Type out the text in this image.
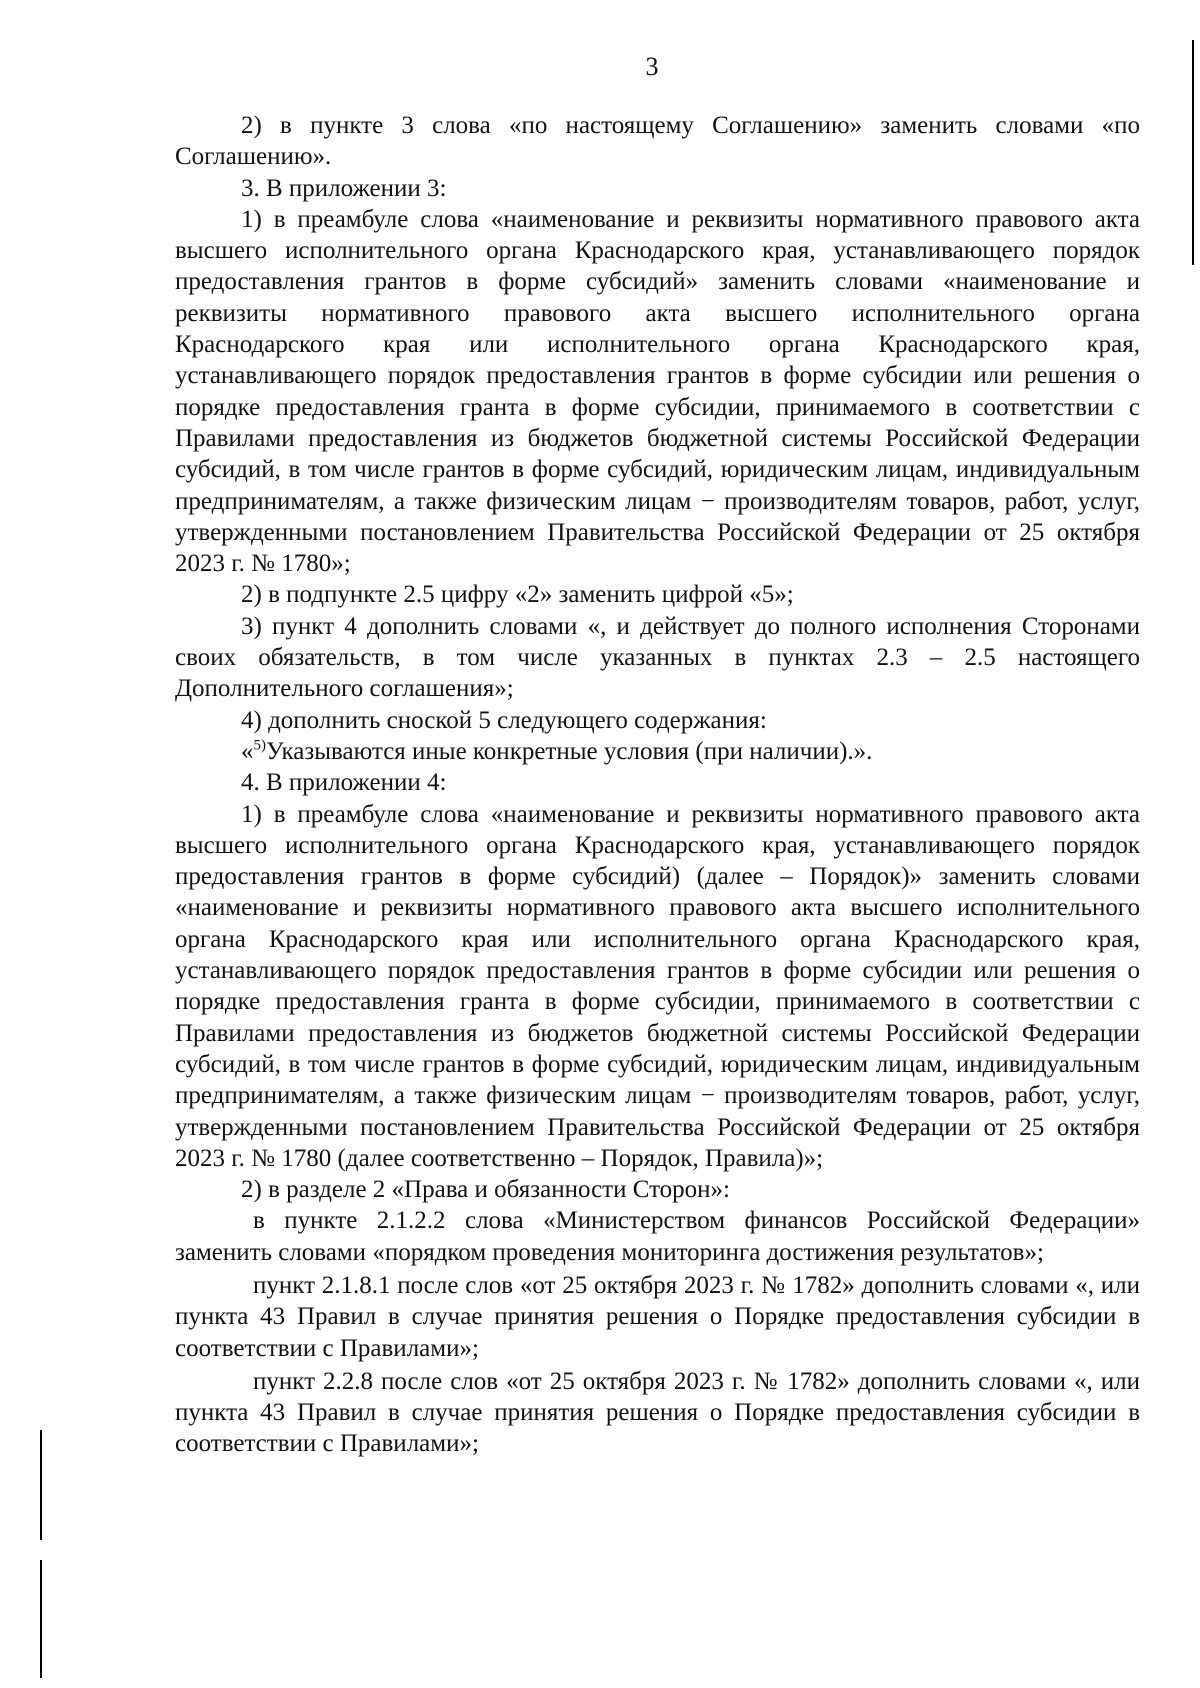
3

2) в пункте 3 слова «по настоящему Соглашению» заменить словами «по Соглашению».

3. В приложении 3:

1) в преамбуле слова «наименование и реквизиты нормативного правового акта высшего исполнительного органа Краснодарского края, устанавливающего порядок предоставления грантов в форме субсидий» заменить словами «наименование и реквизиты нормативного правового акта высшего исполнительного органа Краснодарского края или исполнительного органа Краснодарского края, устанавливающего порядок предоставления грантов в форме субсидии или решения о порядке предоставления гранта в форме субсидии, принимаемого в соответствии с Правилами предоставления из бюджетов бюджетной системы Российской Федерации субсидий, в том числе грантов в форме субсидий, юридическим лицам, индивидуальным предпринимателям, а также физическим лицам − производителям товаров, работ, услуг, утвержденными постановлением Правительства Российской Федерации от 25 октября 2023 г. № 1780»;

2) в подпункте 2.5 цифру «2» заменить цифрой «5»;

3) пункт 4 дополнить словами «, и действует до полного исполнения Сторонами своих обязательств, в том числе указанных в пунктах 2.3 – 2.5 настоящего Дополнительного соглашения»;

4) дополнить сноской 5 следующего содержания:

«$^{5)}$Указываются иные конкретные условия (при наличии).».

4. В приложении 4:

1) в преамбуле слова «наименование и реквизиты нормативного правового акта высшего исполнительного органа Краснодарского края, устанавливающего порядок предоставления грантов в форме субсидий) (далее – Порядок)» заменить словами «наименование и реквизиты нормативного правового акта высшего исполнительного органа Краснодарского края или исполнительного органа Краснодарского края, устанавливающего порядок предоставления грантов в форме субсидии или решения о порядке предоставления гранта в форме субсидии, принимаемого в соответствии с Правилами предоставления из бюджетов бюджетной системы Российской Федерации субсидий, в том числе грантов в форме субсидий, юридическим лицам, индивидуальным предпринимателям, а также физическим лицам − производителям товаров, работ, услуг, утвержденными постановлением Правительства Российской Федерации от 25 октября 2023 г. № 1780 (далее соответственно – Порядок, Правила)»;

2) в разделе 2 «Права и обязанности Сторон»:

в пункте 2.1.2.2 слова «Министерством финансов Российской Федерации» заменить словами «порядком проведения мониторинга достижения результатов»;

пункт 2.1.8.1 после слов «от 25 октября 2023 г. № 1782» дополнить словами «, или пункта 43 Правил в случае принятия решения о Порядке предоставления субсидии в соответствии с Правилами»;

пункт 2.2.8 после слов «от 25 октября 2023 г. № 1782» дополнить словами «, или пункта 43 Правил в случае принятия решения о Порядке предоставления субсидии в соответствии с Правилами»;
